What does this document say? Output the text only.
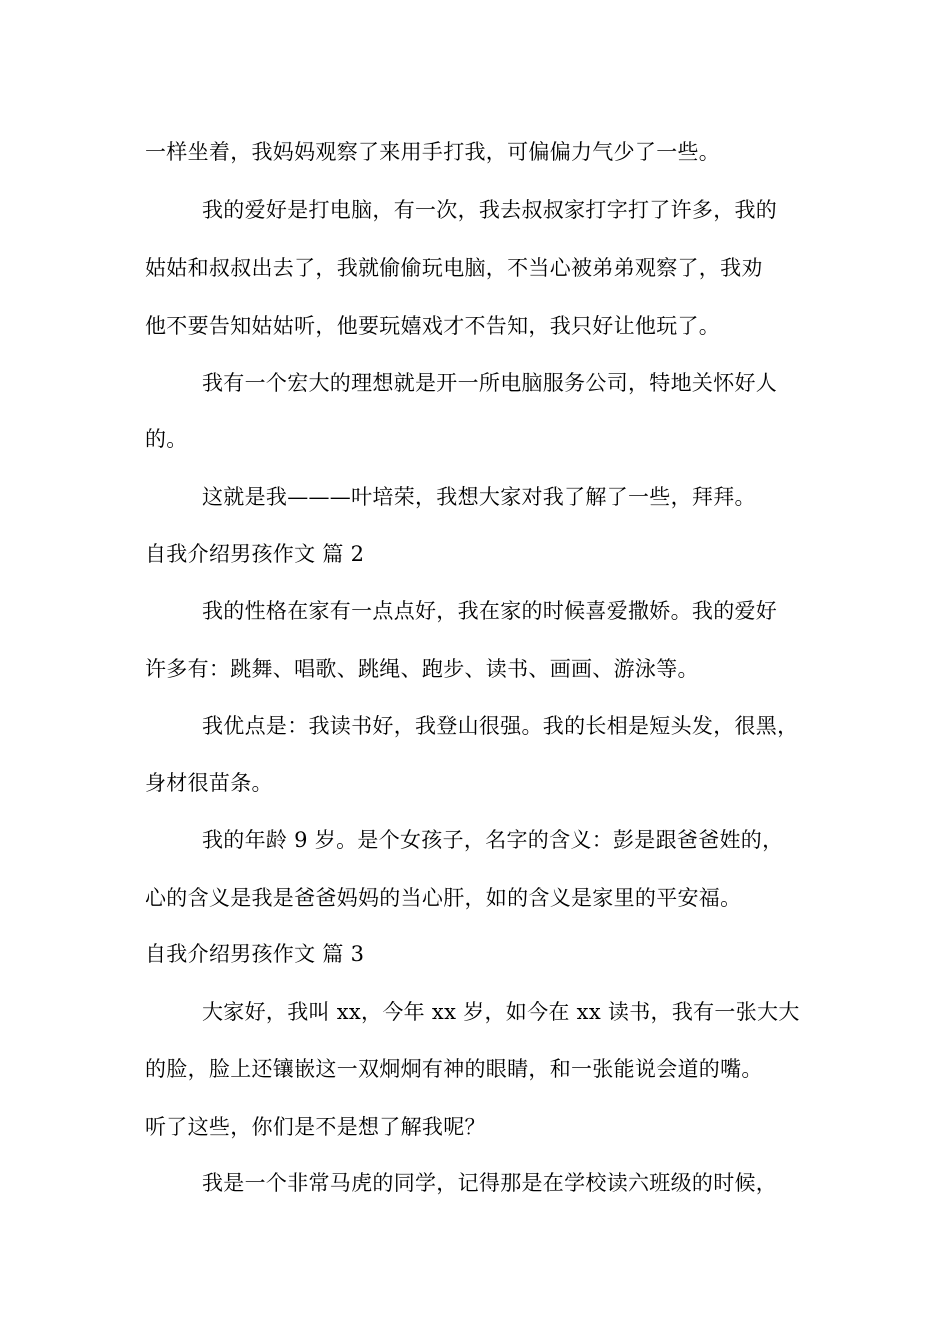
一样坐着，我妈妈观察了来用手打我，可偏偏力气少了一些。
我的爱好是打电脑，有一次，我去叔叔家打字打了许多，我的
姑姑和叔叔出去了，我就偷偷玩电脑，不当心被弟弟观察了，我劝
他不要告知姑姑听，他要玩嬉戏才不告知，我只好让他玩了。
我有一个宏大的理想就是开一所电脑服务公司，特地关怀好人
的。
这就是我———叶培荣，我想大家对我了解了一些，拜拜。
自我介绍男孩作文 篇 2
我的性格在家有一点点好，我在家的时候喜爱撒娇。我的爱好
许多有：跳舞、唱歌、跳绳、跑步、读书、画画、游泳等。
我优点是：我读书好，我登山很强。我的长相是短头发，很黑，
身材很苗条。
我的年龄 9 岁。是个女孩子，名字的含义：彭是跟爸爸姓的，
心的含义是我是爸爸妈妈的当心肝，如的含义是家里的平安福。
自我介绍男孩作文 篇 3
大家好，我叫 xx，今年 xx 岁，如今在 xx 读书，我有一张大大
的脸，脸上还镶嵌这一双炯炯有神的眼睛，和一张能说会道的嘴。
听了这些，你们是不是想了解我呢？
我是一个非常马虎的同学，记得那是在学校读六班级的时候，
